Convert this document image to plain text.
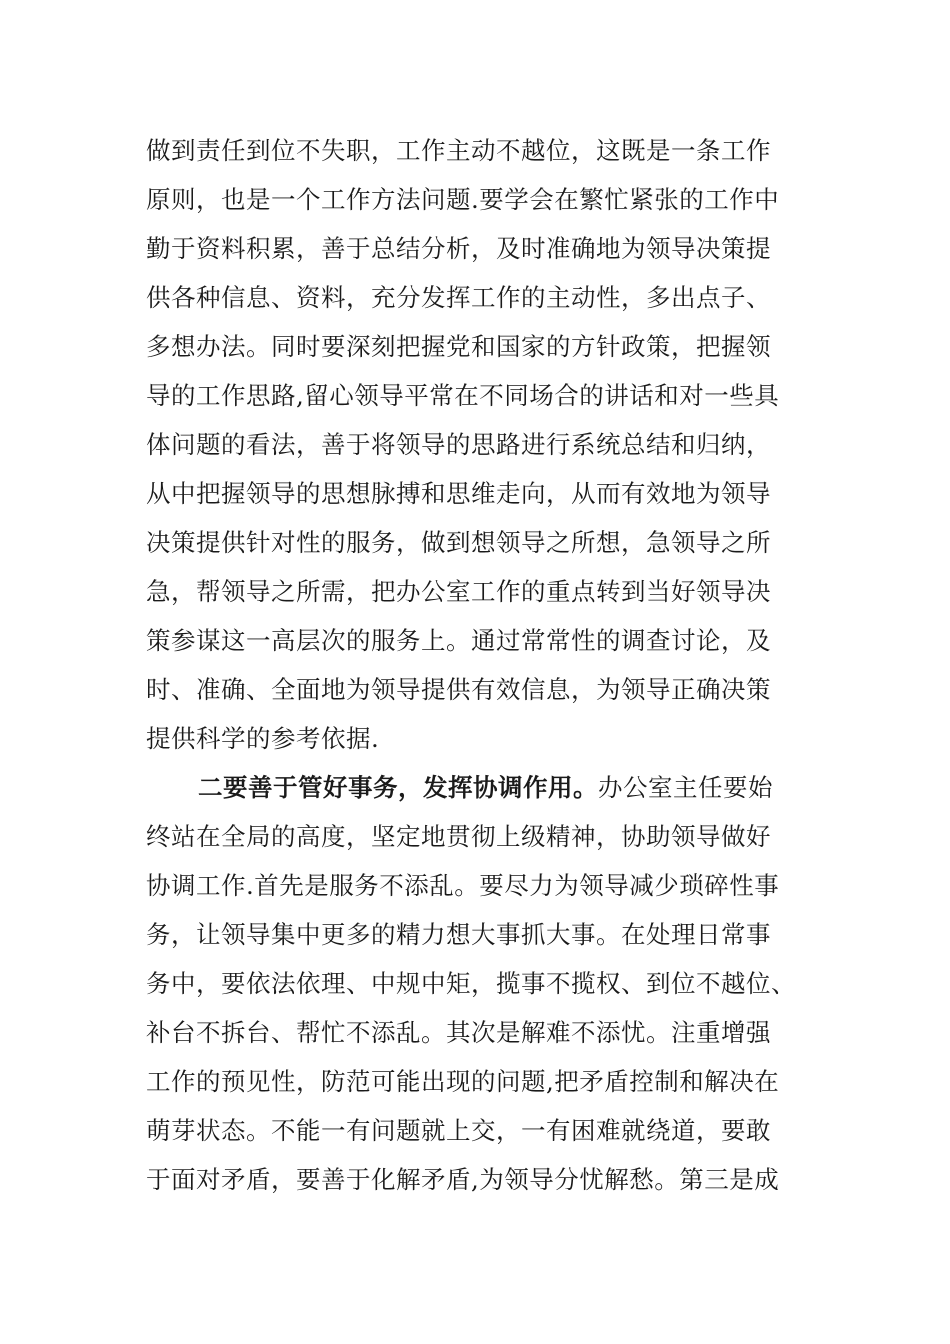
做到责任到位不失职，工作主动不越位，这既是一条工作
原则，也是一个工作方法问题.要学会在繁忙紧张的工作中
勤于资料积累，善于总结分析，及时准确地为领导决策提
供各种信息、资料，充分发挥工作的主动性，多出点子、
多想办法。同时要深刻把握党和国家的方针政策，把握领
导的工作思路,留心领导平常在不同场合的讲话和对一些具
体问题的看法，善于将领导的思路进行系统总结和归纳，
从中把握领导的思想脉搏和思维走向，从而有效地为领导
决策提供针对性的服务，做到想领导之所想，急领导之所
急，帮领导之所需，把办公室工作的重点转到当好领导决
策参谋这一高层次的服务上。通过常常性的调查讨论，及
时、准确、全面地为领导提供有效信息，为领导正确决策
提供科学的参考依据.
二要善于管好事务，发挥协调作用。办公室主任要始
终站在全局的高度，坚定地贯彻上级精神，协助领导做好
协调工作.首先是服务不添乱。要尽力为领导减少琐碎性事
务，让领导集中更多的精力想大事抓大事。在处理日常事
务中，要依法依理、中规中矩，揽事不揽权、到位不越位、
补台不拆台、帮忙不添乱。其次是解难不添忧。注重增强
工作的预见性，防范可能出现的问题,把矛盾控制和解决在
萌芽状态。不能一有问题就上交，一有困难就绕道，要敢
于面对矛盾，要善于化解矛盾,为领导分忧解愁。第三是成
